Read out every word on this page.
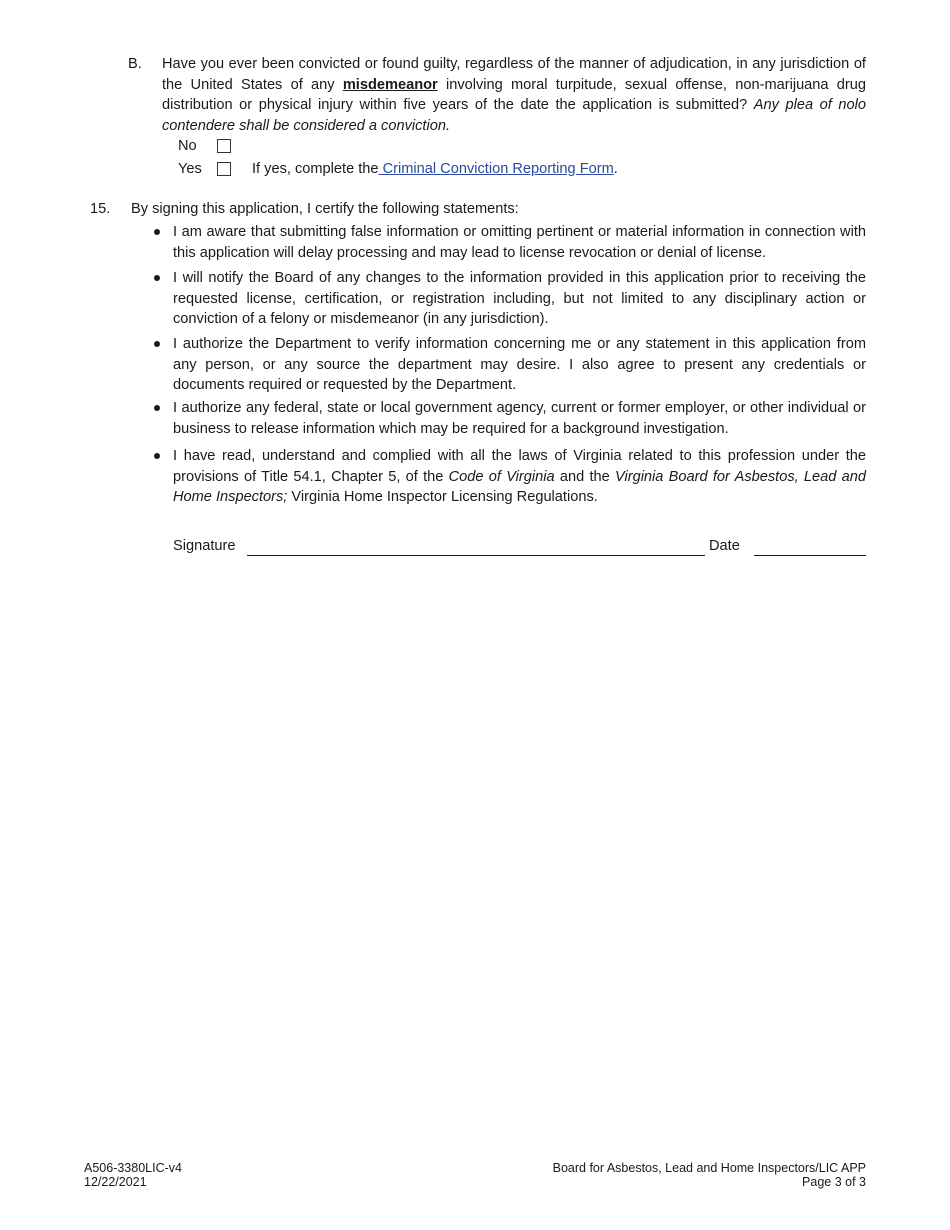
B. Have you ever been convicted or found guilty, regardless of the manner of adjudication, in any jurisdiction of the United States of any misdemeanor involving moral turpitude, sexual offense, non-marijuana drug distribution or physical injury within five years of the date the application is submitted? Any plea of nolo contendere shall be considered a conviction.
No
Yes	If yes, complete the Criminal Conviction Reporting Form.
15. By signing this application, I certify the following statements:
I am aware that submitting false information or omitting pertinent or material information in connection with this application will delay processing and may lead to license revocation or denial of license.
I will notify the Board of any changes to the information provided in this application prior to receiving the requested license, certification, or registration including, but not limited to any disciplinary action or conviction of a felony or misdemeanor (in any jurisdiction).
I authorize the Department to verify information concerning me or any statement in this application from any person, or any source the department may desire. I also agree to present any credentials or documents required or requested by the Department.
I authorize any federal, state or local government agency, current or former employer, or other individual or business to release information which may be required for a background investigation.
I have read, understand and complied with all the laws of Virginia related to this profession under the provisions of Title 54.1, Chapter 5, of the Code of Virginia and the Virginia Board for Asbestos, Lead and Home Inspectors; Virginia Home Inspector Licensing Regulations.
Signature	Date
A506-3380LIC-v4
12/22/2021
Board for Asbestos, Lead and Home Inspectors/LIC APP
Page 3 of 3
